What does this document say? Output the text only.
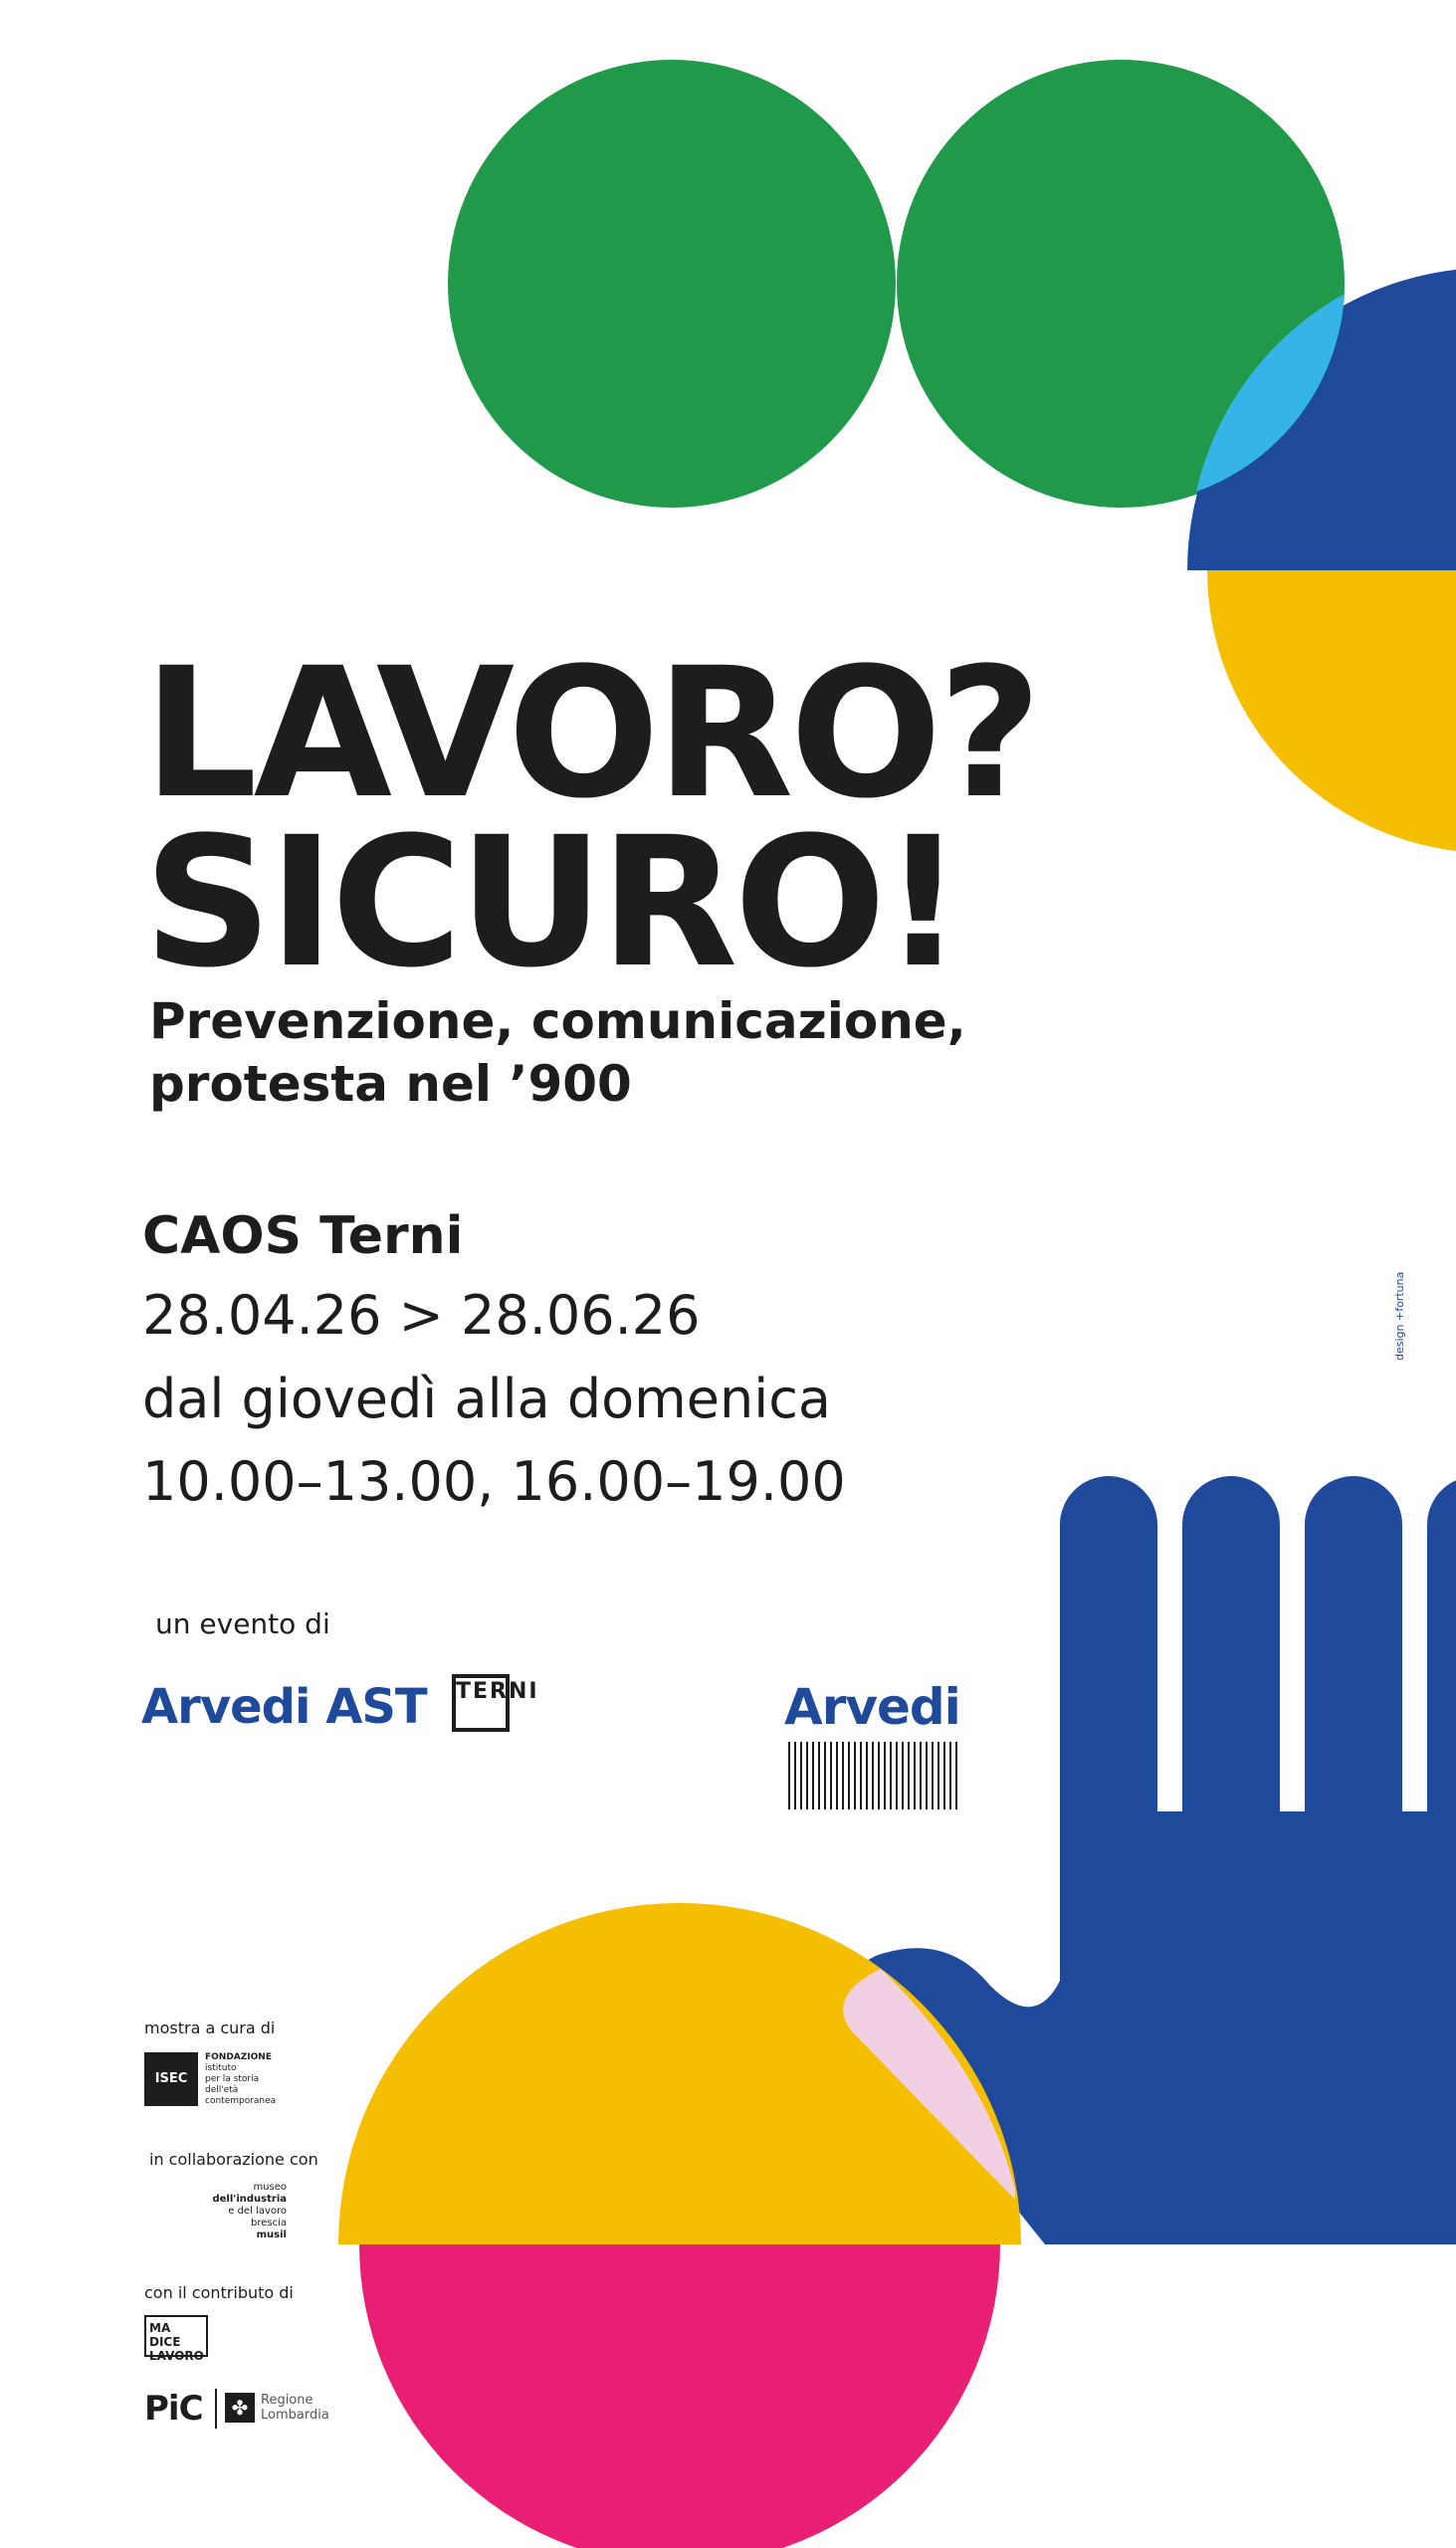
LAVORO?
SICURO!
Prevenzione, comunicazione,
protesta nel ’900
CAOS Terni
28.04.26 > 28.06.26
dal giovedì alla domenica
10.00–13.00, 16.00–19.00
un evento di
Arvedi AST TERNI	Arvedi
mostra a cura di
ISEC
FONDAZIONE
istituto
per la storia
dell'età
contemporanea
in collaborazione con
museo
dell'industria
e del lavoro
brescia
musil
con il contributo di
MA DICE
LAVORO
PiC	✤ Regione
Lombardia
design +fortuna
